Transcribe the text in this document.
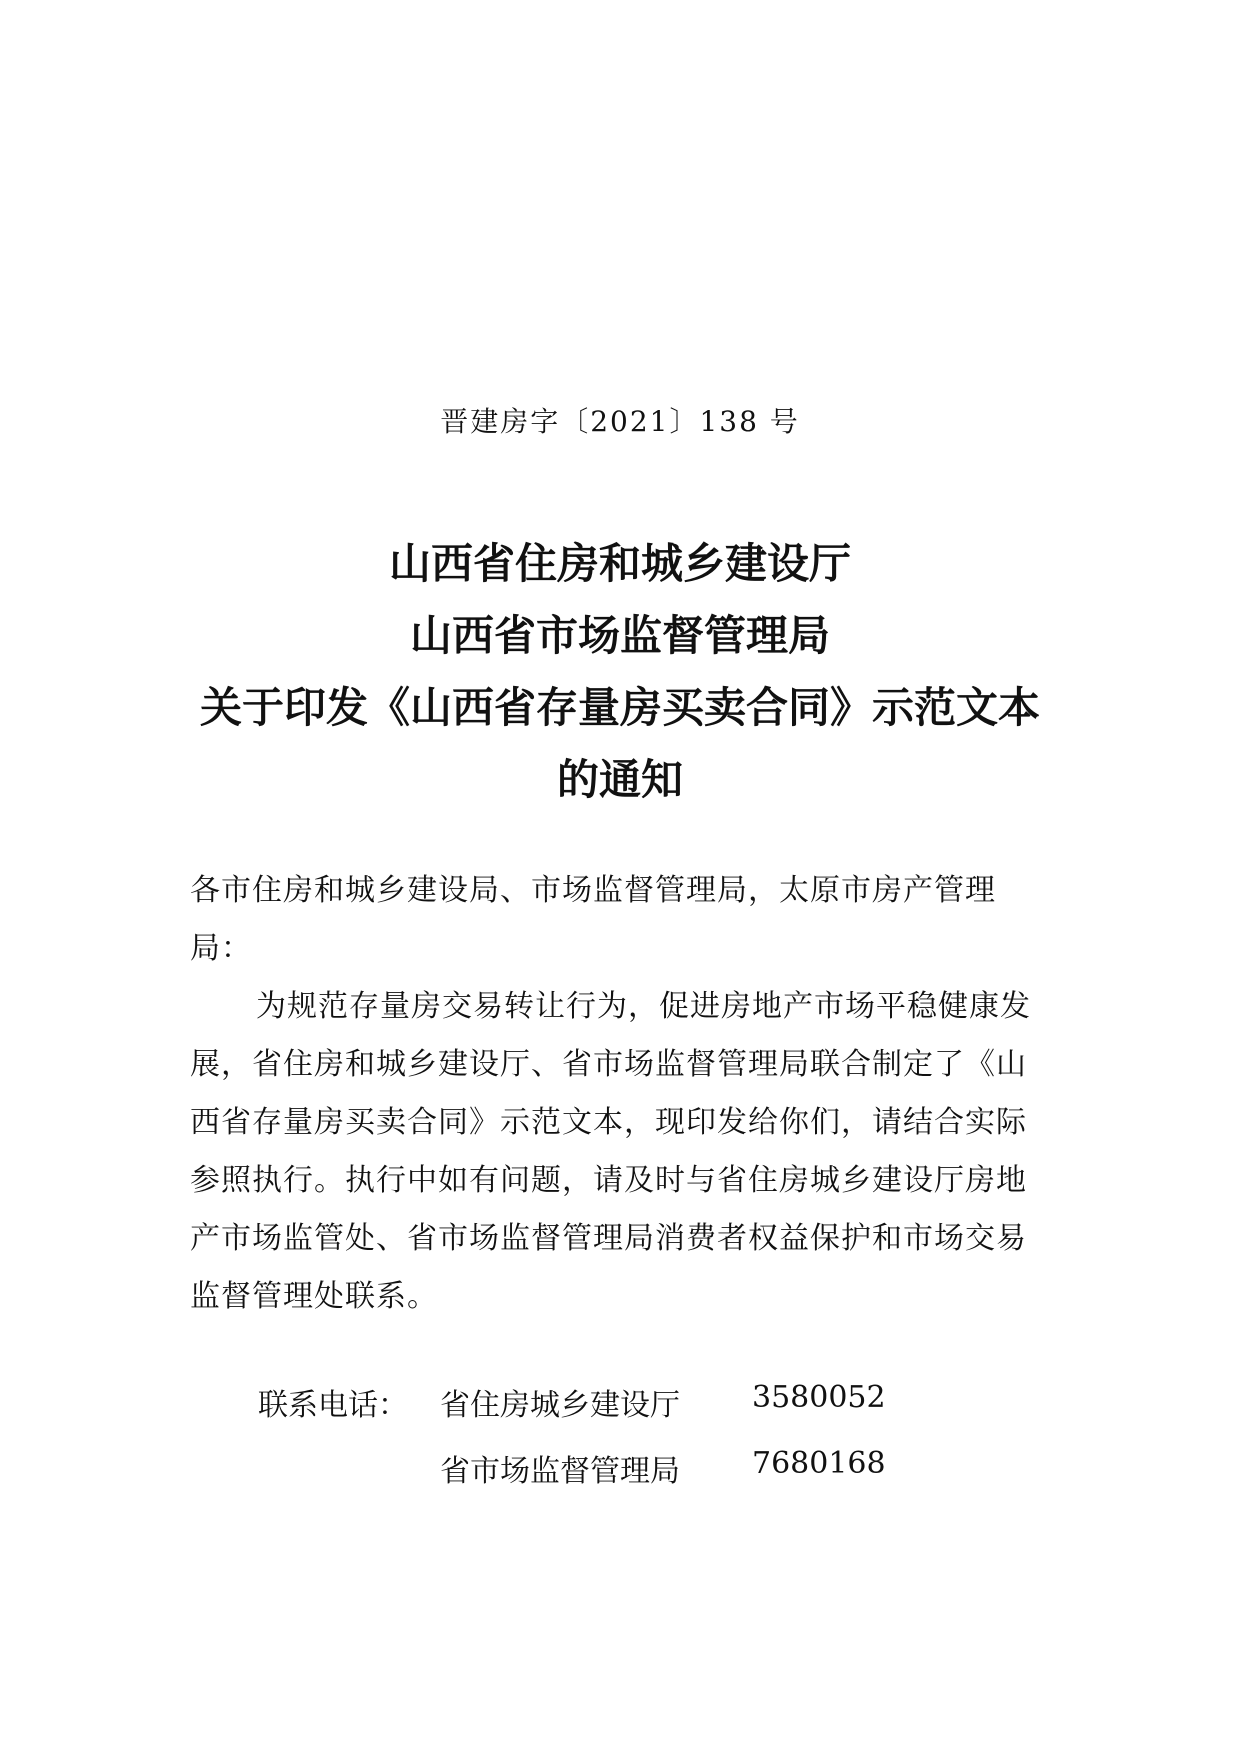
晋建房字〔2021〕138 号
山西省住房和城乡建设厅
山西省市场监督管理局
关于印发《山西省存量房买卖合同》示范文本
的通知
各市住房和城乡建设局、市场监督管理局，太原市房产管理局：
为规范存量房交易转让行为，促进房地产市场平稳健康发展，省住房和城乡建设厅、省市场监督管理局联合制定了《山西省存量房买卖合同》示范文本，现印发给你们，请结合实际参照执行。执行中如有问题，请及时与省住房城乡建设厅房地产市场监管处、省市场监督管理局消费者权益保护和市场交易监督管理处联系。
联系电话： 省住房城乡建设厅 3580052
省市场监督管理局 7680168
